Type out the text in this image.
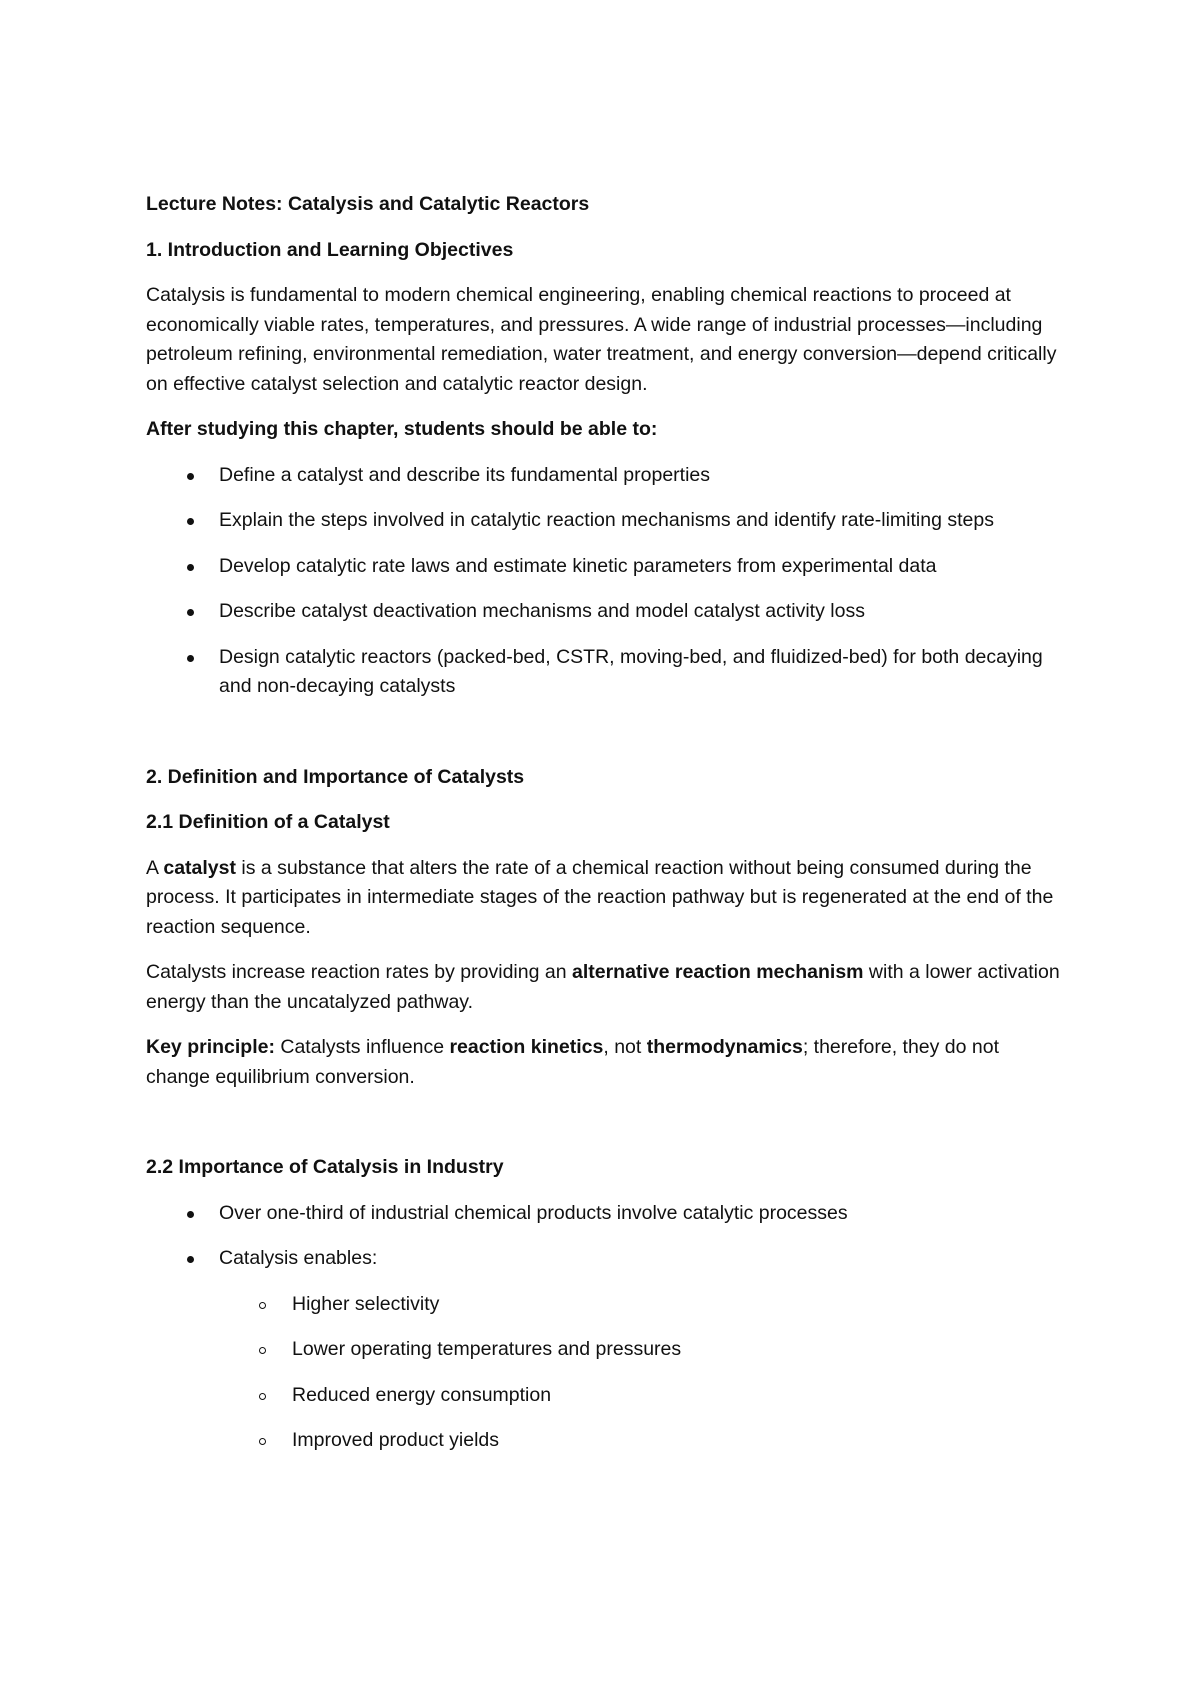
Lecture Notes: Catalysis and Catalytic Reactors

1. Introduction and Learning Objectives

Catalysis is fundamental to modern chemical engineering, enabling chemical reactions to proceed at economically viable rates, temperatures, and pressures. A wide range of industrial processes—including petroleum refining, environmental remediation, water treatment, and energy conversion—depend critically on effective catalyst selection and catalytic reactor design.

After studying this chapter, students should be able to:

Define a catalyst and describe its fundamental properties
Explain the steps involved in catalytic reaction mechanisms and identify rate-limiting steps
Develop catalytic rate laws and estimate kinetic parameters from experimental data
Describe catalyst deactivation mechanisms and model catalyst activity loss
Design catalytic reactors (packed-bed, CSTR, moving-bed, and fluidized-bed) for both decaying and non-decaying catalysts

2. Definition and Importance of Catalysts

2.1 Definition of a Catalyst

A catalyst is a substance that alters the rate of a chemical reaction without being consumed during the process. It participates in intermediate stages of the reaction pathway but is regenerated at the end of the reaction sequence.

Catalysts increase reaction rates by providing an alternative reaction mechanism with a lower activation energy than the uncatalyzed pathway.

Key principle: Catalysts influence reaction kinetics, not thermodynamics; therefore, they do not change equilibrium conversion.

2.2 Importance of Catalysis in Industry

Over one-third of industrial chemical products involve catalytic processes
Catalysis enables:
Higher selectivity
Lower operating temperatures and pressures
Reduced energy consumption
Improved product yields
